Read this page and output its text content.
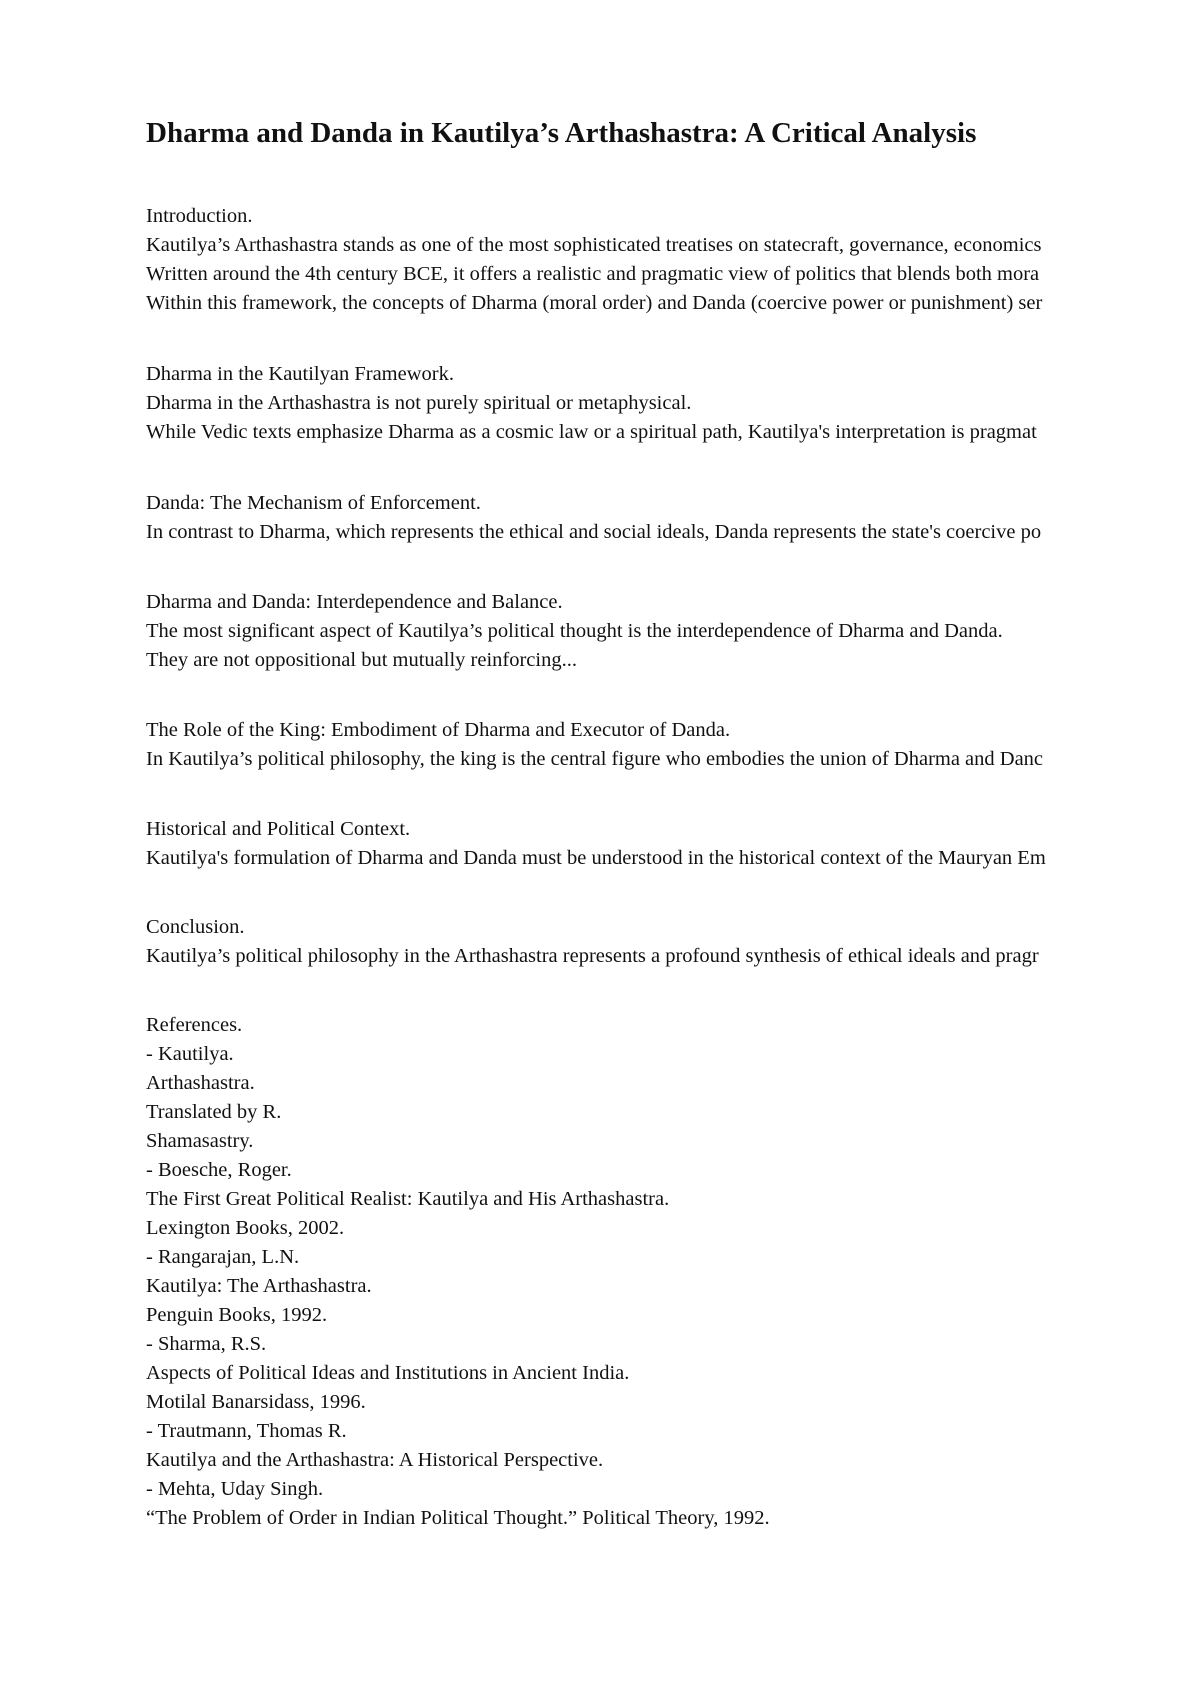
Dharma and Danda in Kautilya’s Arthashastra: A Critical Analysis

Introduction.

Kautilya’s Arthashastra stands as one of the most sophisticated treatises on statecraft, governance, economics

Written around the 4th century BCE, it offers a realistic and pragmatic view of politics that blends both mora

Within this framework, the concepts of Dharma (moral order) and Danda (coercive power or punishment) ser

Dharma in the Kautilyan Framework.

Dharma in the Arthashastra is not purely spiritual or metaphysical.

While Vedic texts emphasize Dharma as a cosmic law or a spiritual path, Kautilya's interpretation is pragmat

Danda: The Mechanism of Enforcement.

In contrast to Dharma, which represents the ethical and social ideals, Danda represents the state's coercive po

Dharma and Danda: Interdependence and Balance.

The most significant aspect of Kautilya’s political thought is the interdependence of Dharma and Danda.

They are not oppositional but mutually reinforcing...

The Role of the King: Embodiment of Dharma and Executor of Danda.

In Kautilya’s political philosophy, the king is the central figure who embodies the union of Dharma and Danc

Historical and Political Context.

Kautilya's formulation of Dharma and Danda must be understood in the historical context of the Mauryan Em

Conclusion.

Kautilya’s political philosophy in the Arthashastra represents a profound synthesis of ethical ideals and pragr

References.

- Kautilya.

Arthashastra.

Translated by R.

Shamasastry.

- Boesche, Roger.

The First Great Political Realist: Kautilya and His Arthashastra.

Lexington Books, 2002.

- Rangarajan, L.N.

Kautilya: The Arthashastra.

Penguin Books, 1992.

- Sharma, R.S.

Aspects of Political Ideas and Institutions in Ancient India.

Motilal Banarsidass, 1996.

- Trautmann, Thomas R.

Kautilya and the Arthashastra: A Historical Perspective.

- Mehta, Uday Singh.

“The Problem of Order in Indian Political Thought.” Political Theory, 1992.
